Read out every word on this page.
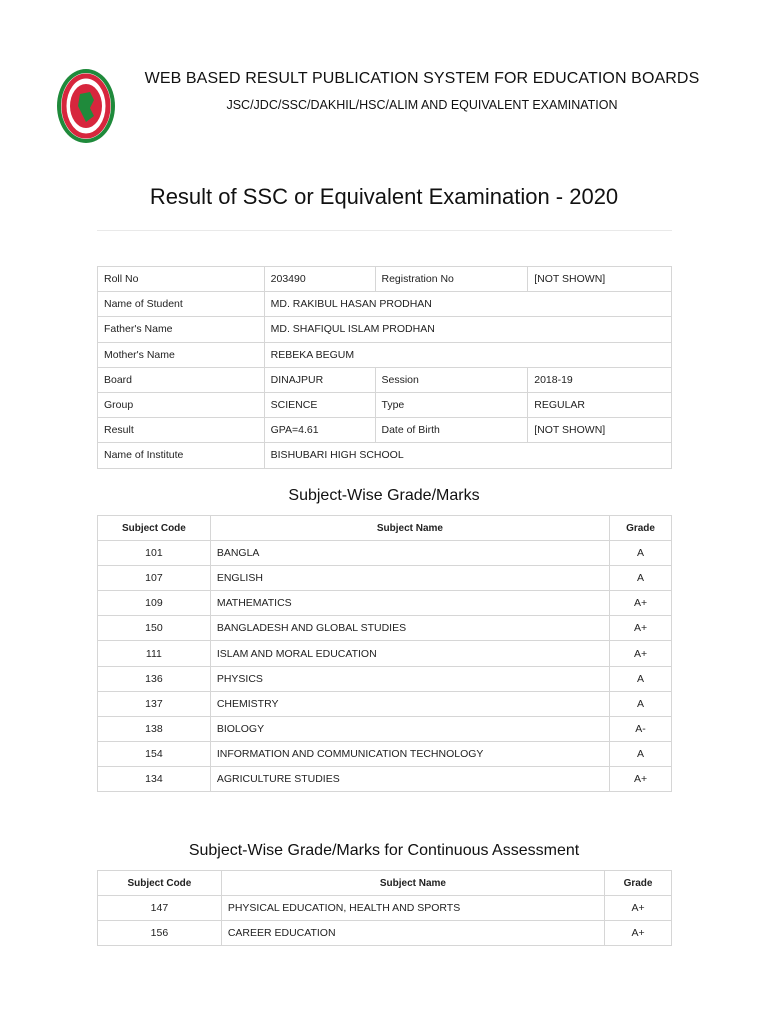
WEB BASED RESULT PUBLICATION SYSTEM FOR EDUCATION BOARDS
JSC/JDC/SSC/DAKHIL/HSC/ALIM AND EQUIVALENT EXAMINATION
Result of SSC or Equivalent Examination - 2020
Roll No	203490	Registration No	[NOT SHOWN]
Name of Student	MD. RAKIBUL HASAN PRODHAN		
Father's Name	MD. SHAFIQUL ISLAM PRODHAN		
Mother's Name	REBEKA BEGUM		
Board	DINAJPUR	Session	2018-19
Group	SCIENCE	Type	REGULAR
Result	GPA=4.61	Date of Birth	[NOT SHOWN]
Name of Institute	BISHUBARI HIGH SCHOOL		
Subject-Wise Grade/Marks
Subject Code	Subject Name	Grade
101	BANGLA	A
107	ENGLISH	A
109	MATHEMATICS	A+
150	BANGLADESH AND GLOBAL STUDIES	A+
111	ISLAM AND MORAL EDUCATION	A+
136	PHYSICS	A
137	CHEMISTRY	A
138	BIOLOGY	A-
154	INFORMATION AND COMMUNICATION TECHNOLOGY	A
134	AGRICULTURE STUDIES	A+
Subject-Wise Grade/Marks for Continuous Assessment
Subject Code	Subject Name	Grade
147	PHYSICAL EDUCATION, HEALTH AND SPORTS	A+
156	CAREER EDUCATION	A+
